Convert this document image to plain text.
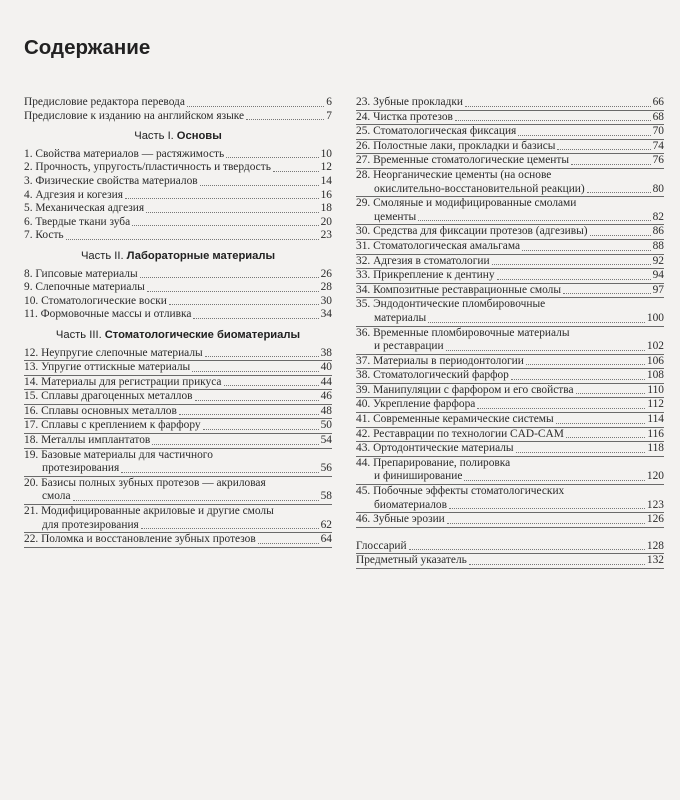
Содержание
Предисловие редактора перевода	6
Предисловие к изданию на английском языке	7
Часть I. Основы
1. Свойства материалов — растяжимость	10
2. Прочность, упругость/пластичность и твердость	12
3. Физические свойства материалов	14
4. Адгезия и когезия	16
5. Механическая адгезия	18
6. Твердые ткани зуба	20
7. Кость	23
Часть II. Лабораторные материалы
8. Гипсовые материалы	26
9. Слепочные материалы	28
10. Стоматологические воски	30
11. Формовочные массы и отливка	34
Часть III. Стоматологические биоматериалы
12. Неупругие слепочные материалы	38
13. Упругие оттискные материалы	40
14. Материалы для регистрации прикуса	44
15. Сплавы драгоценных металлов	46
16. Сплавы основных металлов	48
17. Сплавы с креплением к фарфору	50
18. Металлы имплантатов	54
19. Базовые материалы для частичного
протезирования	56
20. Базисы полных зубных протезов — акриловая
смола	58
21. Модифицированные акриловые и другие смолы
для протезирования	62
22. Поломка и восстановление зубных протезов	64
23. Зубные прокладки	66
24. Чистка протезов	68
25. Стоматологическая фиксация	70
26. Полостные лаки, прокладки и базисы	74
27. Временные стоматологические цементы	76
28. Неорганические цементы (на основе
окислительно-восстановительной реакции)	80
29. Смоляные и модифицированные смолами
цементы	82
30. Средства для фиксации протезов (адгезивы)	86
31. Стоматологическая амальгама	88
32. Адгезия в стоматологии	92
33. Прикрепление к дентину	94
34. Композитные реставрационные смолы	97
35. Эндодонтические пломбировочные
материалы	100
36. Временные пломбировочные материалы
и реставрации	102
37. Материалы в периодонтологии	106
38. Стоматологический фарфор	108
39. Манипуляции с фарфором и его свойства	110
40. Укрепление фарфора	112
41. Современные керамические системы	114
42. Реставрации по технологии CAD-CAM	116
43. Ортодонтические материалы	118
44. Препарирование, полировка
и финиширование	120
45. Побочные эффекты стоматологических
биоматериалов	123
46. Зубные эрозии	126
Глоссарий	128
Предметный указатель	132
